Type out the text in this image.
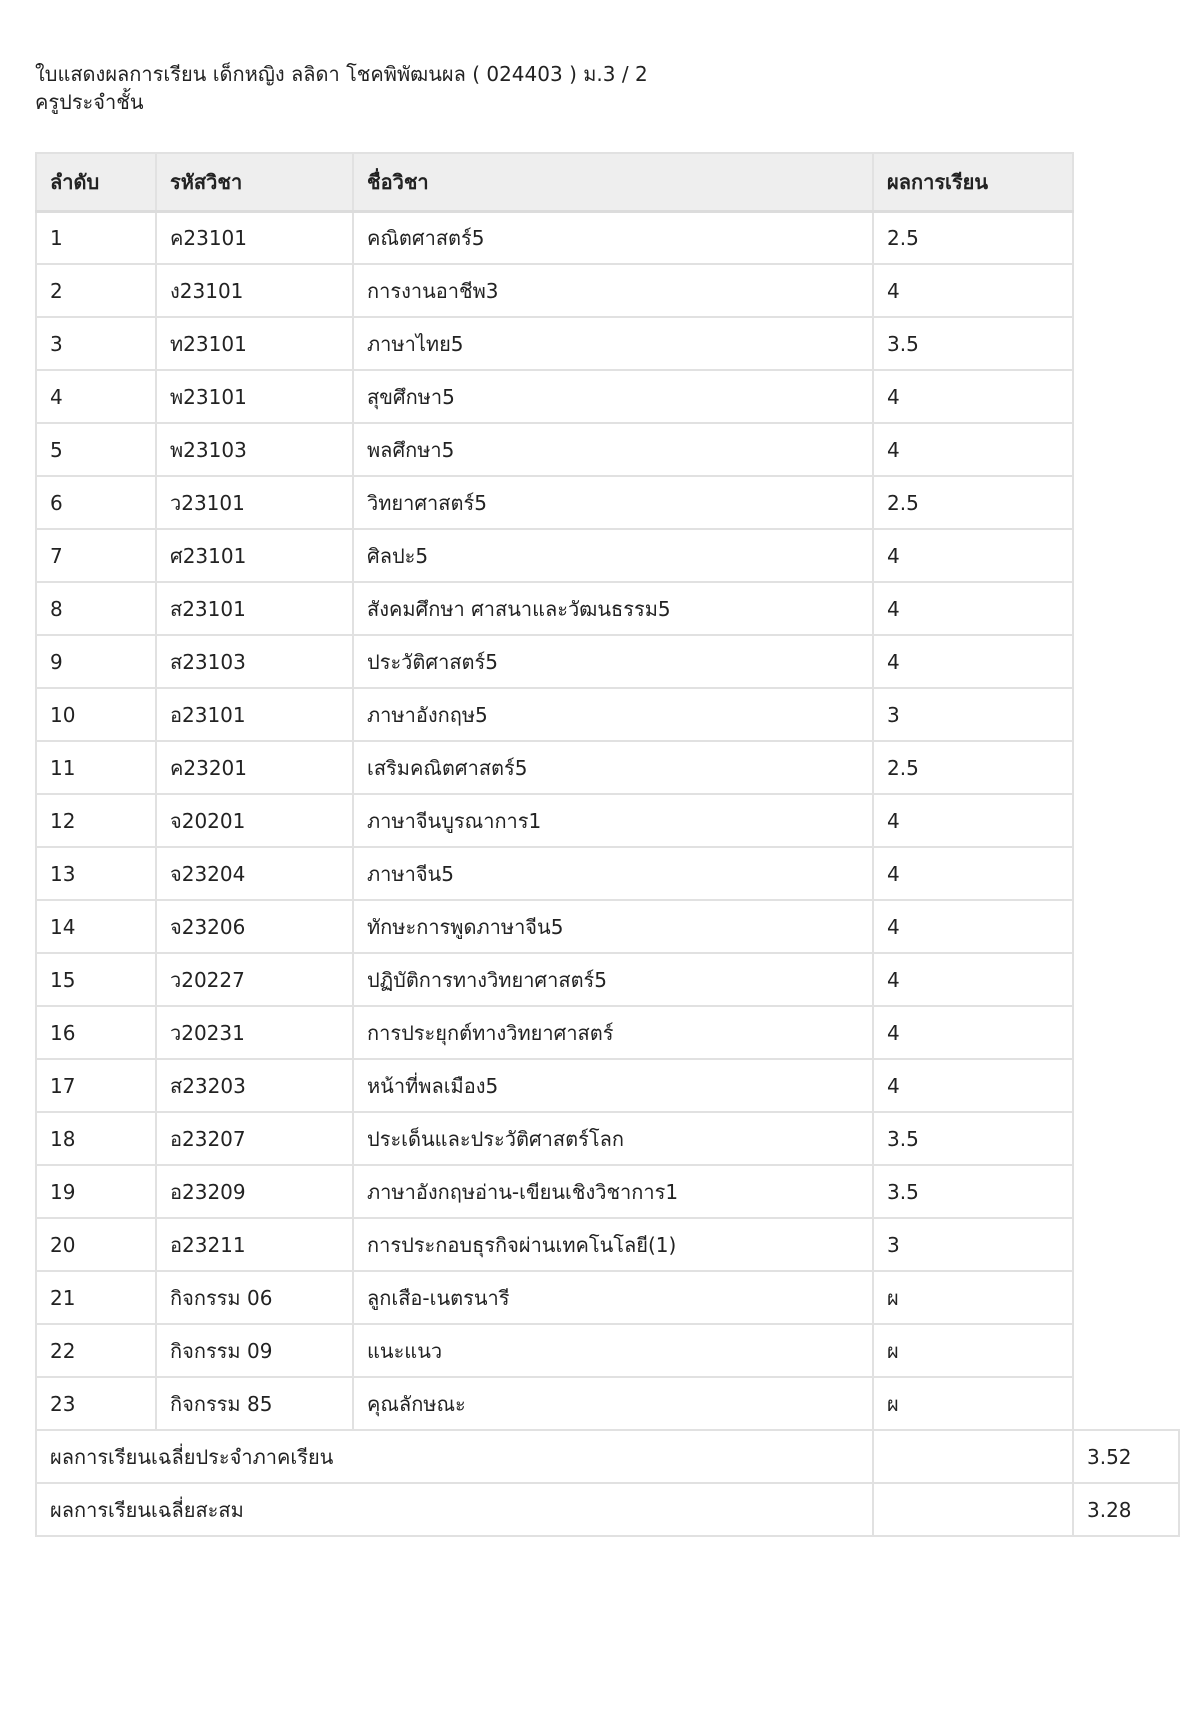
ใบแสดงผลการเรียน เด็กหญิง ลลิดา โชคพิพัฒนผล ( 024403 ) ม.3 / 2
ครูประจำชั้น
ลำดับ	รหัสวิชา	ชื่อวิชา	ผลการเรียน	
1	ค23101	คณิตศาสตร์5	2.5	
2	ง23101	การงานอาชีพ3	4	
3	ท23101	ภาษาไทย5	3.5	
4	พ23101	สุขศึกษา5	4	
5	พ23103	พลศึกษา5	4	
6	ว23101	วิทยาศาสตร์5	2.5	
7	ศ23101	ศิลปะ5	4	
8	ส23101	สังคมศึกษา ศาสนาและวัฒนธรรม5	4	
9	ส23103	ประวัติศาสตร์5	4	
10	อ23101	ภาษาอังกฤษ5	3	
11	ค23201	เสริมคณิตศาสตร์5	2.5	
12	จ20201	ภาษาจีนบูรณาการ1	4	
13	จ23204	ภาษาจีน5	4	
14	จ23206	ทักษะการพูดภาษาจีน5	4	
15	ว20227	ปฏิบัติการทางวิทยาศาสตร์5	4	
16	ว20231	การประยุกต์ทางวิทยาศาสตร์	4	
17	ส23203	หน้าที่พลเมือง5	4	
18	อ23207	ประเด็นและประวัติศาสตร์โลก	3.5	
19	อ23209	ภาษาอังกฤษอ่าน-เขียนเชิงวิชาการ1	3.5	
20	อ23211	การประกอบธุรกิจผ่านเทคโนโลยี(1)	3	
21	กิจกรรม 06	ลูกเสือ-เนตรนารี	ผ	
22	กิจกรรม 09	แนะแนว	ผ	
23	กิจกรรม 85	คุณลักษณะ	ผ	
ผลการเรียนเฉลี่ยประจำภาคเรียน				3.52
ผลการเรียนเฉลี่ยสะสม				3.28
